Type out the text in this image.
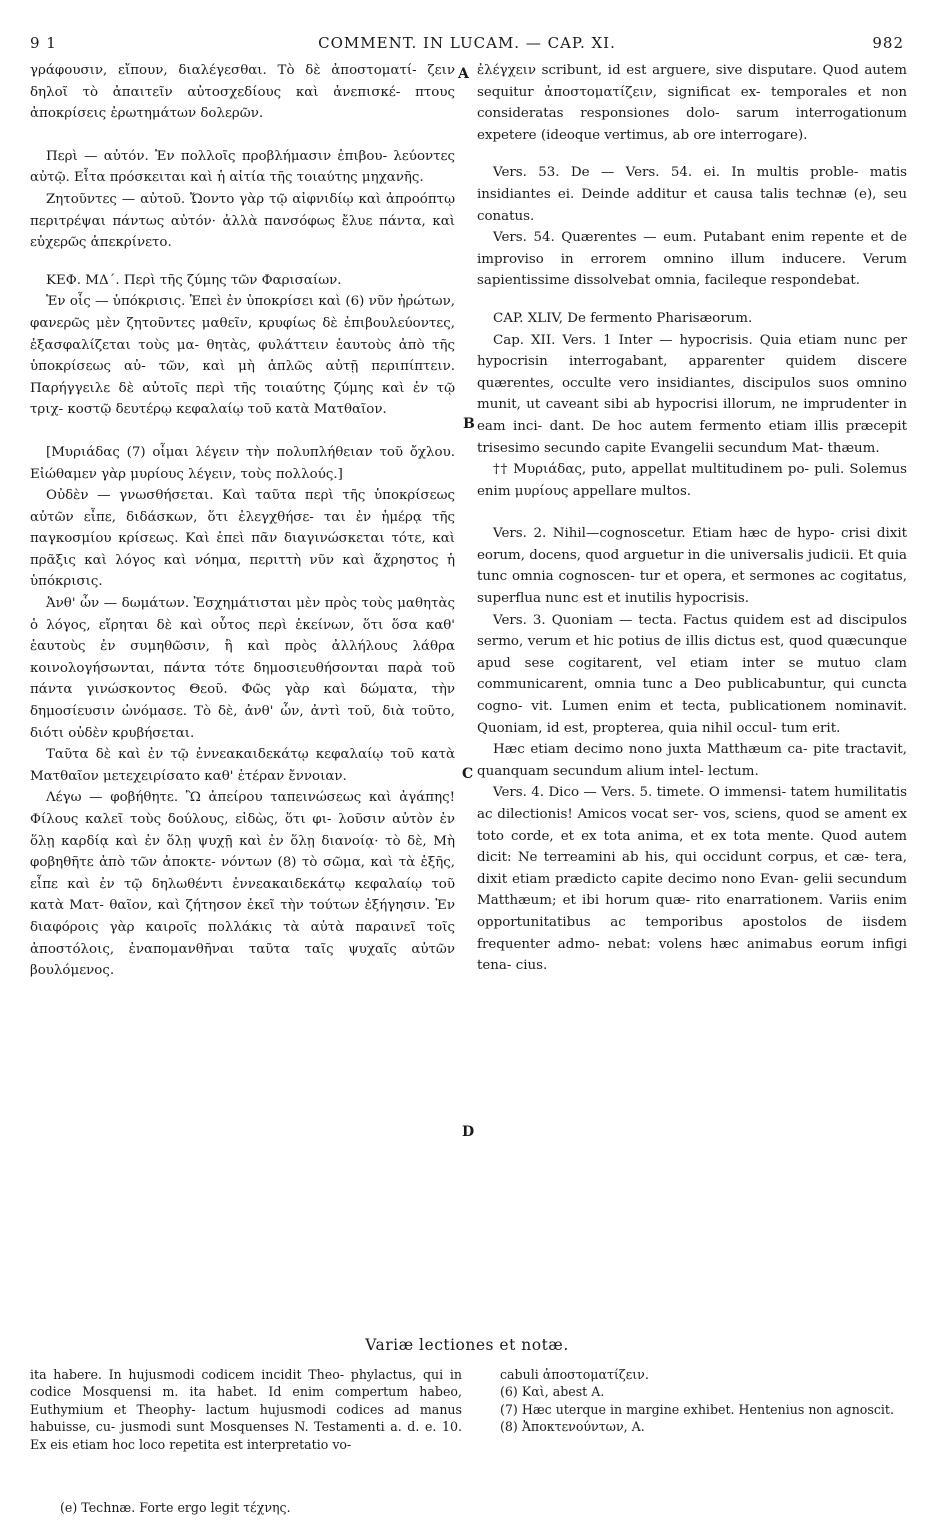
9 1	COMMENT. IN LUCAM. — CAP. XI.	982

γράφουσιν, εἴπουν, διαλέγεσθαι. Τὸ δὲ ἀποστοματί- ζειν δηλοῖ τὸ ἀπαιτεῖν αὐτοσχεδίους καὶ ἀνεπισκέ- πτους ἀποκρίσεις ἐρωτημάτων δολερῶν.

Περὶ — αὐτόν. Ἐν πολλοῖς προβλήμασιν ἐπιβου- λεύοντες αὐτῷ. Εἶτα πρόσκειται καὶ ἡ αἰτία τῆς τοιαύτης μηχανῆς.

Ζητοῦντες — αὐτοῦ. Ὤοντο γὰρ τῷ αἰφνιδίῳ καὶ ἀπροόπτῳ περιτρέψαι πάντως αὐτόν· ἀλλὰ πανσόφως ἔλυε πάντα, καὶ εὐχερῶς ἀπεκρίνετο.

ΚΕΦ. ΜΔ΄. Περὶ τῆς ζύμης τῶν Φαρισαίων.

Ἐν οἷς — ὑπόκρισις. Ἐπεὶ ἐν ὑποκρίσει καὶ (6) νῦν ἠρώτων, φανερῶς μὲν ζητοῦντες μαθεῖν, κρυφίως δὲ ἐπιβουλεύοντες, ἐξασφαλίζεται τοὺς μα- θητὰς, φυλάττειν ἑαυτοὺς ἀπὸ τῆς ὑποκρίσεως αὐ- τῶν, καὶ μὴ ἁπλῶς αὐτῇ περιπίπτειν. Παρήγγειλε δὲ αὐτοῖς περὶ τῆς τοιαύτης ζύμης καὶ ἐν τῷ τριχ- κοστῷ δευτέρῳ κεφαλαίῳ τοῦ κατὰ Ματθαῖον.

[Μυριάδας (7) οἶμαι λέγειν τὴν πολυπλήθειαν τοῦ ὄχλου. Εἰώθαμεν γὰρ μυρίους λέγειν, τοὺς πολλούς.]

Οὐδὲν — γνωσθήσεται. Καὶ ταῦτα περὶ τῆς ὑποκρίσεως αὐτῶν εἶπε, διδάσκων, ὅτι ἐλεγχθήσε- ται ἐν ἡμέρᾳ τῆς παγκοσμίου κρίσεως. Καὶ ἐπεὶ πᾶν διαγινώσκεται τότε, καὶ πρᾶξις καὶ λόγος καὶ νόημα, περιττὴ νῦν καὶ ἄχρηστος ἡ ὑπόκρισις.

Ἀνθ' ὧν — δωμάτων. Ἐσχημάτισται μὲν πρὸς τοὺς μαθητὰς ὁ λόγος, εἴρηται δὲ καὶ οὗτος περὶ ἐκείνων, ὅτι ὅσα καθ' ἑαυτοὺς ἐν συμηθῶσιν, ἢ καὶ πρὸς ἀλλήλους λάθρα κοινολογήσωνται, πάντα τότε δημοσιευθήσονται παρὰ τοῦ πάντα γινώσκοντος Θεοῦ. Φῶς γὰρ καὶ δώματα, τὴν δημοσίευσιν ὠνόμασε. Τὸ δὲ, ἀνθ' ὧν, ἀντὶ τοῦ, διὰ τοῦτο, διότι οὐδὲν κρυβήσεται.

Ταῦτα δὲ καὶ ἐν τῷ ἐννεακαιδεκάτῳ κεφαλαίῳ τοῦ κατὰ Ματθαῖον μετεχειρίσατο καθ' ἑτέραν ἔννοιαν.

Λέγω — φοβήθητε. Ὢ ἀπείρου ταπεινώσεως καὶ ἀγάπης! Φίλους καλεῖ τοὺς δούλους, εἰδὼς, ὅτι φι- λοῦσιν αὐτὸν ἐν ὅλῃ καρδίᾳ καὶ ἐν ὅλῃ ψυχῇ καὶ ἐν ὅλῃ διανοίᾳ· τὸ δὲ, Μὴ φοβηθῆτε ἀπὸ τῶν ἀποκτε- νόντων (8) τὸ σῶμα, καὶ τὰ ἑξῆς, εἶπε καὶ ἐν τῷ δηλωθέντι ἐννεακαιδεκάτῳ κεφαλαίῳ τοῦ κατὰ Ματ- θαῖον, καὶ ζήτησον ἐκεῖ τὴν τούτων ἐξήγησιν. Ἐν διαφόροις γὰρ καιροῖς πολλάκις τὰ αὐτὰ παραινεῖ τοῖς ἀποστόλοις, ἐναπομανθῆναι ταῦτα ταῖς ψυχαῖς αὐτῶν βουλόμενος.

A
B
C
D

ἐλέγχειν scribunt, id est arguere, sive disputare. Quod autem sequitur ἀποστοματίζειν, significat ex- temporales et non consideratas responsiones dolo- sarum interrogationum expetere (ideoque vertimus, ab ore interrogare).

Vers. 53. De — Vers. 54. ei. In multis proble- matis insidiantes ei. Deinde additur et causa talis technæ (e), seu conatus.

Vers. 54. Quærentes — eum. Putabant enim repente et de improviso in errorem omnino illum inducere. Verum sapientissime dissolvebat omnia, facileque respondebat.

CAP. XLIV, De fermento Pharisæorum.

Cap. XII. Vers. 1 Inter — hypocrisis. Quia etiam nunc per hypocrisin interrogabant, apparenter quidem discere quærentes, occulte vero insidiantes, discipulos suos omnino munit, ut caveant sibi ab hypocrisi illorum, ne imprudenter in eam inci- dant. De hoc autem fermento etiam illis præcepit trisesimo secundo capite Evangelii secundum Mat- thæum.

†† Μυριάδας, puto, appellat multitudinem po- puli. Solemus enim μυρίους appellare multos.

Vers. 2. Nihil—cognoscetur. Etiam hæc de hypo- crisi dixit eorum, docens, quod arguetur in die universalis judicii. Et quia tunc omnia cognoscen- tur et opera, et sermones ac cogitatus, superflua nunc est et inutilis hypocrisis.

Vers. 3. Quoniam — tecta. Factus quidem est ad discipulos sermo, verum et hic potius de illis dictus est, quod quæcunque apud sese cogitarent, vel etiam inter se mutuo clam communicarent, omnia tunc a Deo publicabuntur, qui cuncta cogno- vit. Lumen enim et tecta, publicationem nominavit. Quoniam, id est, propterea, quia nihil occul- tum erit.

Hæc etiam decimo nono juxta Matthæum ca- pite tractavit, quanquam secundum alium intel- lectum.

Vers. 4. Dico — Vers. 5. timete. O immensi- tatem humilitatis ac dilectionis! Amicos vocat ser- vos, sciens, quod se ament ex toto corde, et ex tota anima, et ex tota mente. Quod autem dicit: Ne terreamini ab his, qui occidunt corpus, et cæ- tera, dixit etiam prædicto capite decimo nono Evan- gelii secundum Matthæum; et ibi horum quæ- rito enarrationem. Variis enim opportunitatibus ac temporibus apostolos de iisdem frequenter admo- nebat: volens hæc animabus eorum infigi tena- cius.

Variæ lectiones et notæ.

ita habere. In hujusmodi codicem incidit Theo- phylactus, qui in codice Mosquensi m. ita habet. Id enim compertum habeo, Euthymium et Theophy- lactum hujusmodi codices ad manus habuisse, cu- jusmodi sunt Mosquenses N. Testamenti a. d. e. 10. Ex eis etiam hoc loco repetita est interpretatio vo-

cabuli ἀποστοματίζειν.
(6) Καὶ, abest A.
(7) Hæc uterque in margine exhibet. Hentenius non agnoscit.
(8) Ἀποκτενούντων, A.
(e) Technæ. Forte ergo legit τέχνης.
